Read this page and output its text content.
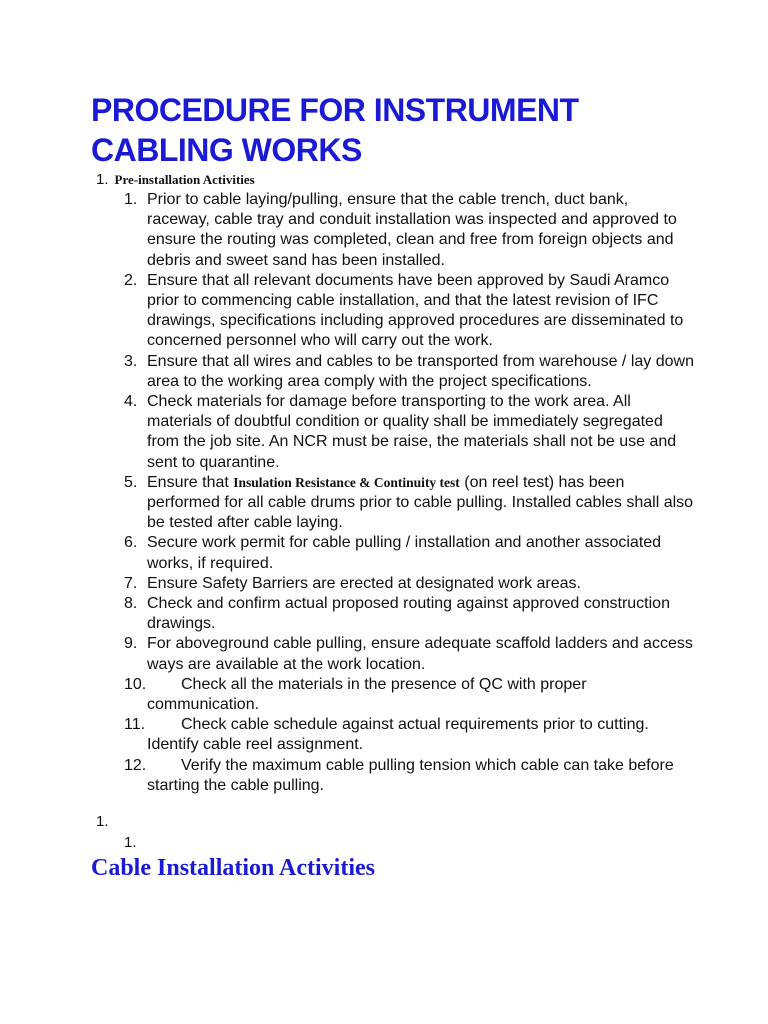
PROCEDURE FOR INSTRUMENT CABLING WORKS
1. Pre-installation Activities
1. Prior to cable laying/pulling, ensure that the cable trench, duct bank, raceway, cable tray and conduit installation was inspected and approved to ensure the routing was completed, clean and free from foreign objects and debris and sweet sand has been installed.
2. Ensure that all relevant documents have been approved by Saudi Aramco prior to commencing cable installation, and that the latest revision of IFC drawings, specifications including approved procedures are disseminated to concerned personnel who will carry out the work.
3. Ensure that all wires and cables to be transported from warehouse / lay down area to the working area comply with the project specifications.
4. Check materials for damage before transporting to the work area. All materials of doubtful condition or quality shall be immediately segregated from the job site. An NCR must be raise, the materials shall not be use and sent to quarantine.
5. Ensure that Insulation Resistance & Continuity test (on reel test) has been performed for all cable drums prior to cable pulling. Installed cables shall also be tested after cable laying.
6. Secure work permit for cable pulling / installation and another associated works, if required.
7. Ensure Safety Barriers are erected at designated work areas.
8. Check and confirm actual proposed routing against approved construction drawings.
9. For aboveground cable pulling, ensure adequate scaffold ladders and access ways are available at the work location.
10. Check all the materials in the presence of QC with proper communication.
11. Check cable schedule against actual requirements prior to cutting. Identify cable reel assignment.
12. Verify the maximum cable pulling tension which cable can take before starting the cable pulling.
1.
1.
Cable Installation Activities
